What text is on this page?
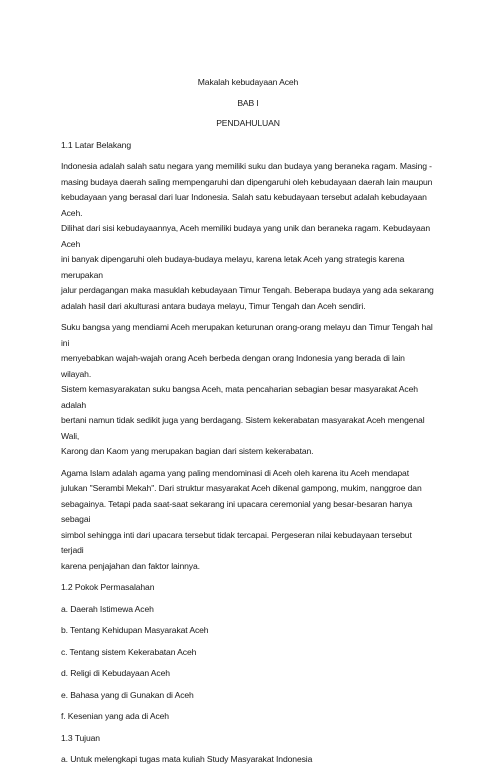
Makalah kebudayaan Aceh
BAB I
PENDAHULUAN
1.1 Latar Belakang

Indonesia adalah salah satu negara yang memiliki suku dan budaya yang beraneka ragam. Masing -

masing budaya daerah saling mempengaruhi dan dipengaruhi oleh kebudayaan daerah lain maupun

kebudayaan yang berasal dari luar Indonesia. Salah satu kebudayaan tersebut adalah kebudayaan Aceh.

Dilihat dari sisi kebudayaannya, Aceh memiliki budaya yang unik dan beraneka ragam. Kebudayaan Aceh

ini banyak dipengaruhi oleh budaya-budaya melayu, karena letak Aceh yang strategis karena merupakan

jalur perdagangan maka masuklah kebudayaan Timur Tengah. Beberapa budaya yang ada sekarang

adalah hasil dari akulturasi antara budaya melayu, Timur Tengah dan Aceh sendiri.

Suku bangsa yang mendiami Aceh merupakan keturunan orang-orang melayu dan Timur Tengah hal ini

menyebabkan wajah-wajah orang Aceh berbeda dengan orang Indonesia yang berada di lain wilayah.

Sistem kemasyarakatan suku bangsa Aceh, mata pencaharian sebagian besar masyarakat Aceh adalah

bertani namun tidak sedikit juga yang berdagang. Sistem kekerabatan masyarakat Aceh mengenal Wali,

Karong dan Kaom yang merupakan bagian dari sistem kekerabatan.

Agama Islam adalah agama yang paling mendominasi di Aceh oleh karena itu Aceh mendapat

julukan "Serambi Mekah". Dari struktur masyarakat Aceh dikenal gampong, mukim, nanggroe dan

sebagainya. Tetapi pada saat-saat sekarang ini upacara ceremonial yang besar-besaran hanya sebagai

simbol sehingga inti dari upacara tersebut tidak tercapai. Pergeseran nilai kebudayaan tersebut terjadi

karena penjajahan dan faktor lainnya.

1.2 Pokok Permasalahan
a. Daerah Istimewa Aceh
b. Tentang Kehidupan Masyarakat Aceh
c. Tentang sistem Kekerabatan Aceh
d. Religi di Kebudayaan Aceh
e. Bahasa yang di Gunakan di Aceh
f. Kesenian yang ada di Aceh
1.3 Tujuan
a. Untuk melengkapi tugas mata kuliah Study Masyarakat Indonesia
